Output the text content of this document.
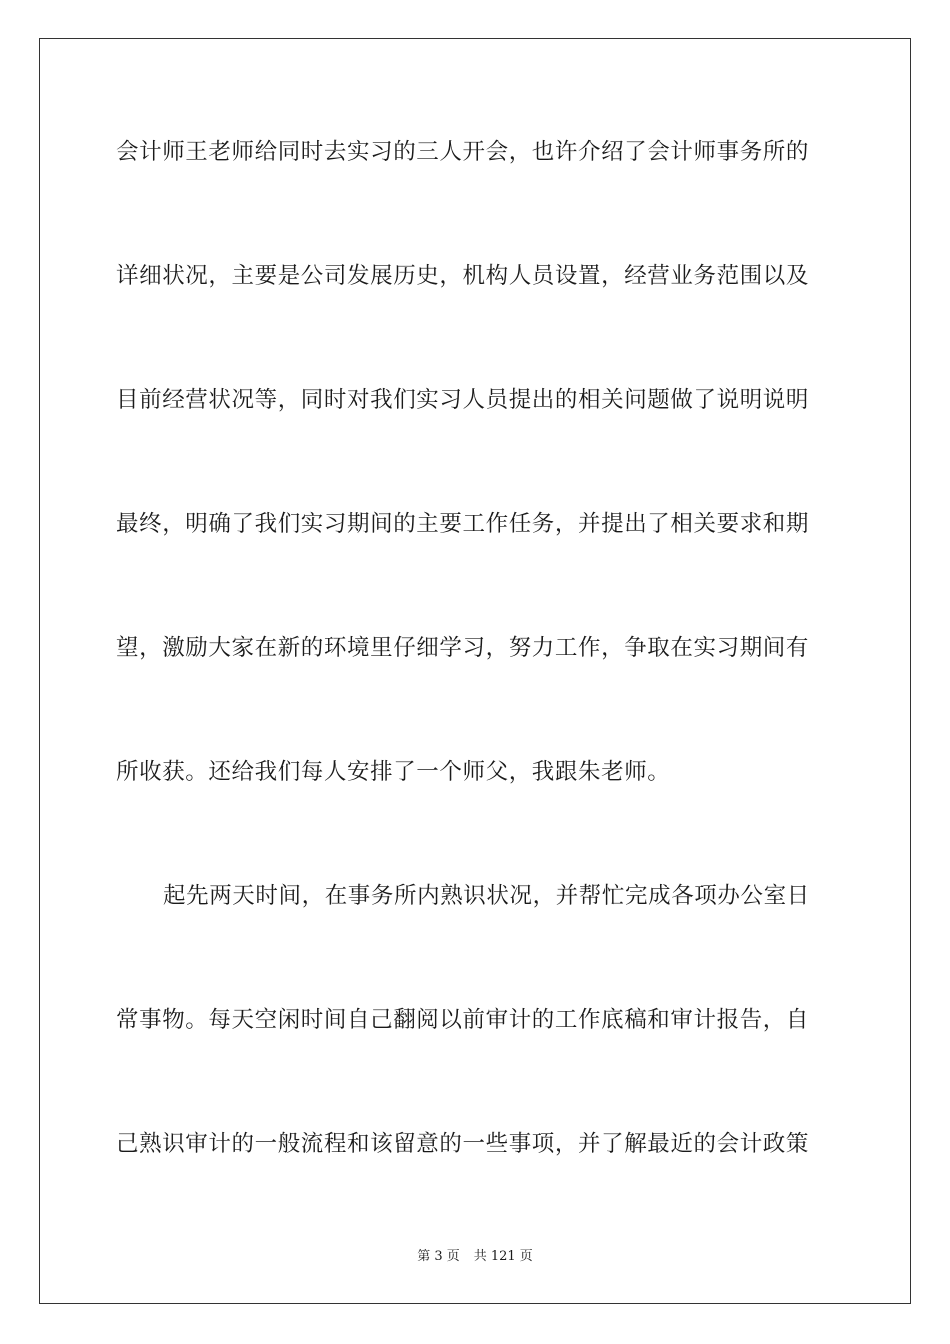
会计师王老师给同时去实习的三人开会，也许介绍了会计师事务所的
详细状况，主要是公司发展历史，机构人员设置，经营业务范围以及
目前经营状况等，同时对我们实习人员提出的相关问题做了说明说明
最终，明确了我们实习期间的主要工作任务，并提出了相关要求和期
望，激励大家在新的环境里仔细学习，努力工作，争取在实习期间有
所收获。还给我们每人安排了一个师父，我跟朱老师。
起先两天时间，在事务所内熟识状况，并帮忙完成各项办公室日
常事物。每天空闲时间自己翻阅以前审计的工作底稿和审计报告，自
己熟识审计的一般流程和该留意的一些事项，并了解最近的会计政策
第 3 页 共 121 页
